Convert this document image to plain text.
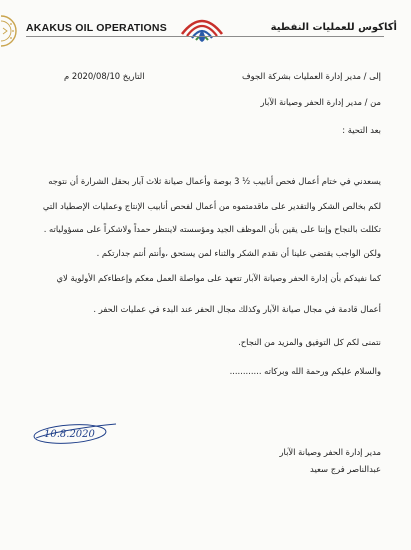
AKAKUS OIL OPERATIONS	أكاكوس للعمليات النفطية
إلى / مدير إدارة العمليات بشركة الجوف
التاريخ 2020/08/10 م
من / مدير إدارة الحفر وصيانة الآبار
بعد التحية :
يسعدني في ختام أعمال فحص أنابيب ½ 3 بوصة وأعمال صيانة ثلاث آبار بحقل الشرارة أن نتوجه
لكم بخالص الشكر والتقدير على ماقدمتموه من أعمال لفحص أنابيب الإنتاج وعمليات الإصطياد التي
تكللت بالنجاح وإننا على يقين بأن الموظف الجيد ومؤسسته لاينتظر حمداً ولاشكراً على مسؤولياته .
ولكن الواجب يقتضي علينا أن نقدم الشكر والثناء لمن يستحق ،وأنتم أنتم جدارتكم .
كما نفيدكم بأن إدارة الحفر وصيانة الآبار تتعهد على مواصلة العمل معكم وإعطاءكم الأولوية لاي
أعمال قادمة في مجال صيانة الآبار وكذلك مجال الحفر عند البدء في عمليات الحفر .
نتمنى لكم كل التوفيق والمزيد من النجاح.
والسلام عليكم ورحمة الله وبركاته ............
10.8.2020
مدير إدارة الحفر وصيانة الآبار
عبدالناصر فرج سعيد
